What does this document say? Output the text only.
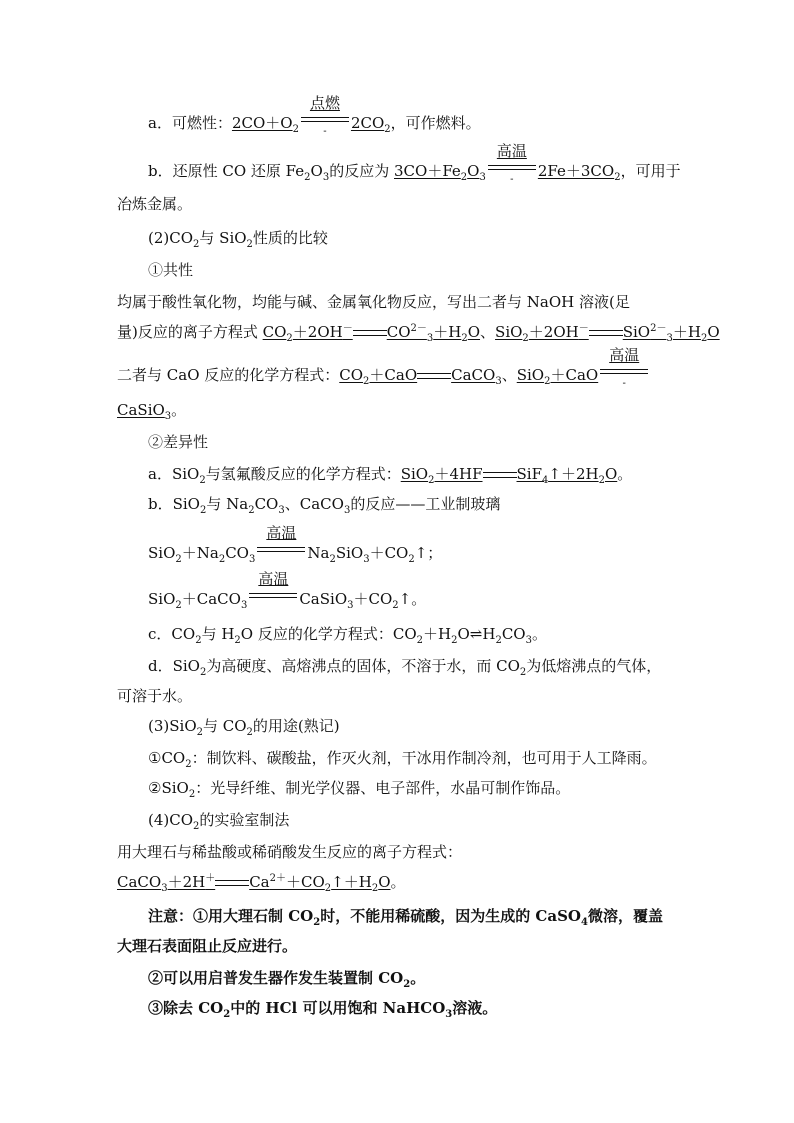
a．可燃性：$2CO+O_2$
点燃
-	$2CO_2$，可作燃料。
b．还原性 CO 还原 $Fe_2O_3$的反应为 $3CO+Fe_2O_3$
高温
-	$2Fe+3CO_2$，可用于
冶炼金属。
$(2)CO_2$与 SiO$_2$性质的比较
①共性
均属于酸性氧化物，均能与碱、金属氧化物反应，写出二者与 NaOH 溶液(足
量)反应的离子方程式 $CO_2+2OH^-$ $CO^{2-}_3+H_2O$、SiO$_2$＋2OH－ $SiO^{2-}_3+H_2O$
二者与 CaO 反应的化学方程式：$CO_2+CaO$ CaCO$_3$、SiO$_2$＋CaO
高温
-
CaSiO$_3$。
②差异性
a．SiO$_2$与氢氟酸反应的化学方程式：SiO$_2$＋4HF $SiF_4↑+2H_2O$。
b．SiO$_2$与 $Na_2CO_3$、CaCO$_3$的反应——工业制玻璃
$SiO_2+Na_2CO_3$
高温
$Na_2SiO_3+CO_2↑$；
SiO$_2$＋CaCO$_3$
高温
$CaSiO_3+CO_2↑$。
c．$CO_2$与 $H_2O$ 反应的化学方程式：$CO_2+H_2O\rightleftharpoons H_2CO_3$。
d．SiO$_2$为高硬度、高熔沸点的固体，不溶于水，而 $CO_2$为低熔沸点的气体，
可溶于水。
(3)SiO$_2$与 $CO_2$的用途(熟记)
$①CO_2$：制饮料、碳酸盐，作灭火剂，干冰用作制冷剂，也可用于人工降雨。
②SiO$_2$：光导纤维、制光学仪器、电子部件，水晶可制作饰品。
$(4)CO_2$的实验室制法
用大理石与稀盐酸或稀硝酸发生反应的离子方程式：
CaCO$_3$＋2H＋ $Ca^{2+}+CO_2↑+H_2O$。
注意：①用大理石制 $CO_2$时，不能用稀硫酸，因为生成的 CaSO$_4$微溶，覆盖
大理石表面阻止反应进行。
②可以用启普发生器作发生装置制 $CO_2$。
③除去 $CO_2$中的 HCl 可以用饱和 NaHCO$_3$溶液。
